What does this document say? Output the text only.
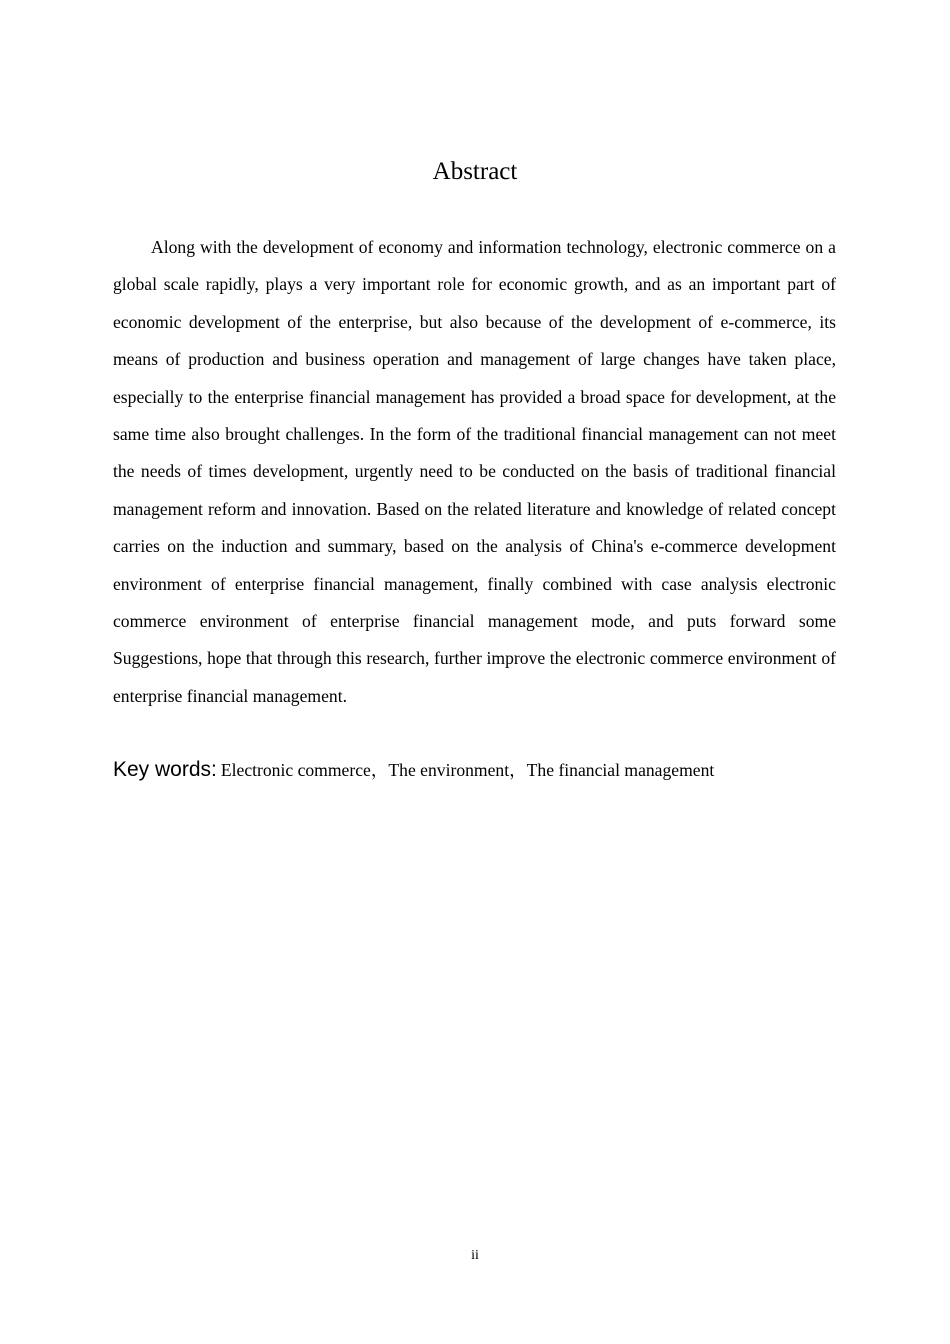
Abstract

Along with the development of economy and information technology, electronic commerce on a global scale rapidly, plays a very important role for economic growth, and as an important part of economic development of the enterprise, but also because of the development of e-commerce, its means of production and business operation and management of large changes have taken place, especially to the enterprise financial management has provided a broad space for development, at the same time also brought challenges. In the form of the traditional financial management can not meet the needs of times development, urgently need to be conducted on the basis of traditional financial management reform and innovation. Based on the related literature and knowledge of related concept carries on the induction and summary, based on the analysis of China's e-commerce development environment of enterprise financial management, finally combined with case analysis electronic commerce environment of enterprise financial management mode, and puts forward some Suggestions, hope that through this research, further improve the electronic commerce environment of enterprise financial management.

Key words: Electronic commerce，The environment，The financial management

ii
